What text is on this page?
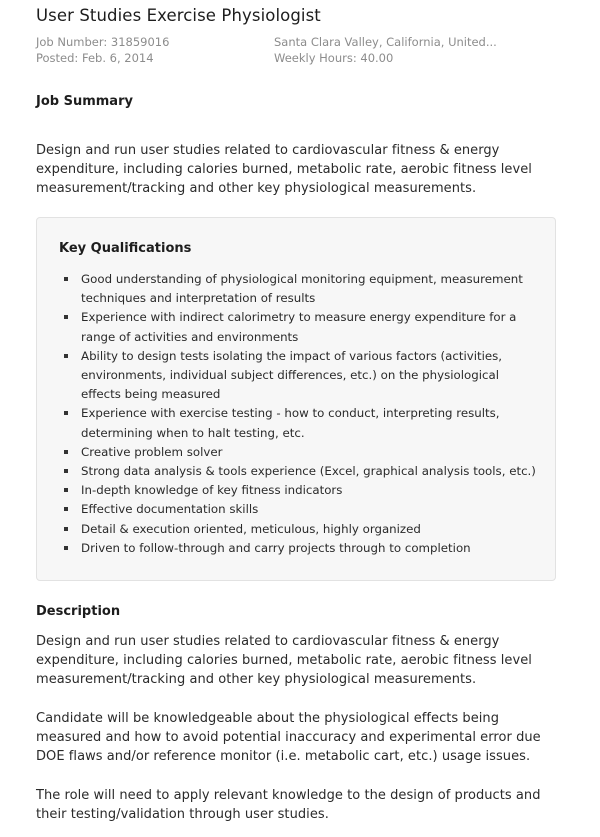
User Studies Exercise Physiologist
Job Number: 31859016
Posted: Feb. 6, 2014
Santa Clara Valley, California, United...
Weekly Hours: 40.00
Job Summary

Design and run user studies related to cardiovascular fitness & energy expenditure, including calories burned, metabolic rate, aerobic fitness level measurement/tracking and other key physiological measurements.

Key Qualifications
Good understanding of physiological monitoring equipment, measurement techniques and interpretation of results
Experience with indirect calorimetry to measure energy expenditure for a range of activities and environments
Ability to design tests isolating the impact of various factors (activities, environments, individual subject differences, etc.) on the physiological effects being measured
Experience with exercise testing - how to conduct, interpreting results, determining when to halt testing, etc.
Creative problem solver
Strong data analysis & tools experience (Excel, graphical analysis tools, etc.)
In-depth knowledge of key fitness indicators
Effective documentation skills
Detail & execution oriented, meticulous, highly organized
Driven to follow-through and carry projects through to completion
Description

Design and run user studies related to cardiovascular fitness & energy expenditure, including calories burned, metabolic rate, aerobic fitness level measurement/tracking and other key physiological measurements.

Candidate will be knowledgeable about the physiological effects being measured and how to avoid potential inaccuracy and experimental error due DOE flaws and/or reference monitor (i.e. metabolic cart, etc.) usage issues.

The role will need to apply relevant knowledge to the design of products and their testing/validation through user studies.
